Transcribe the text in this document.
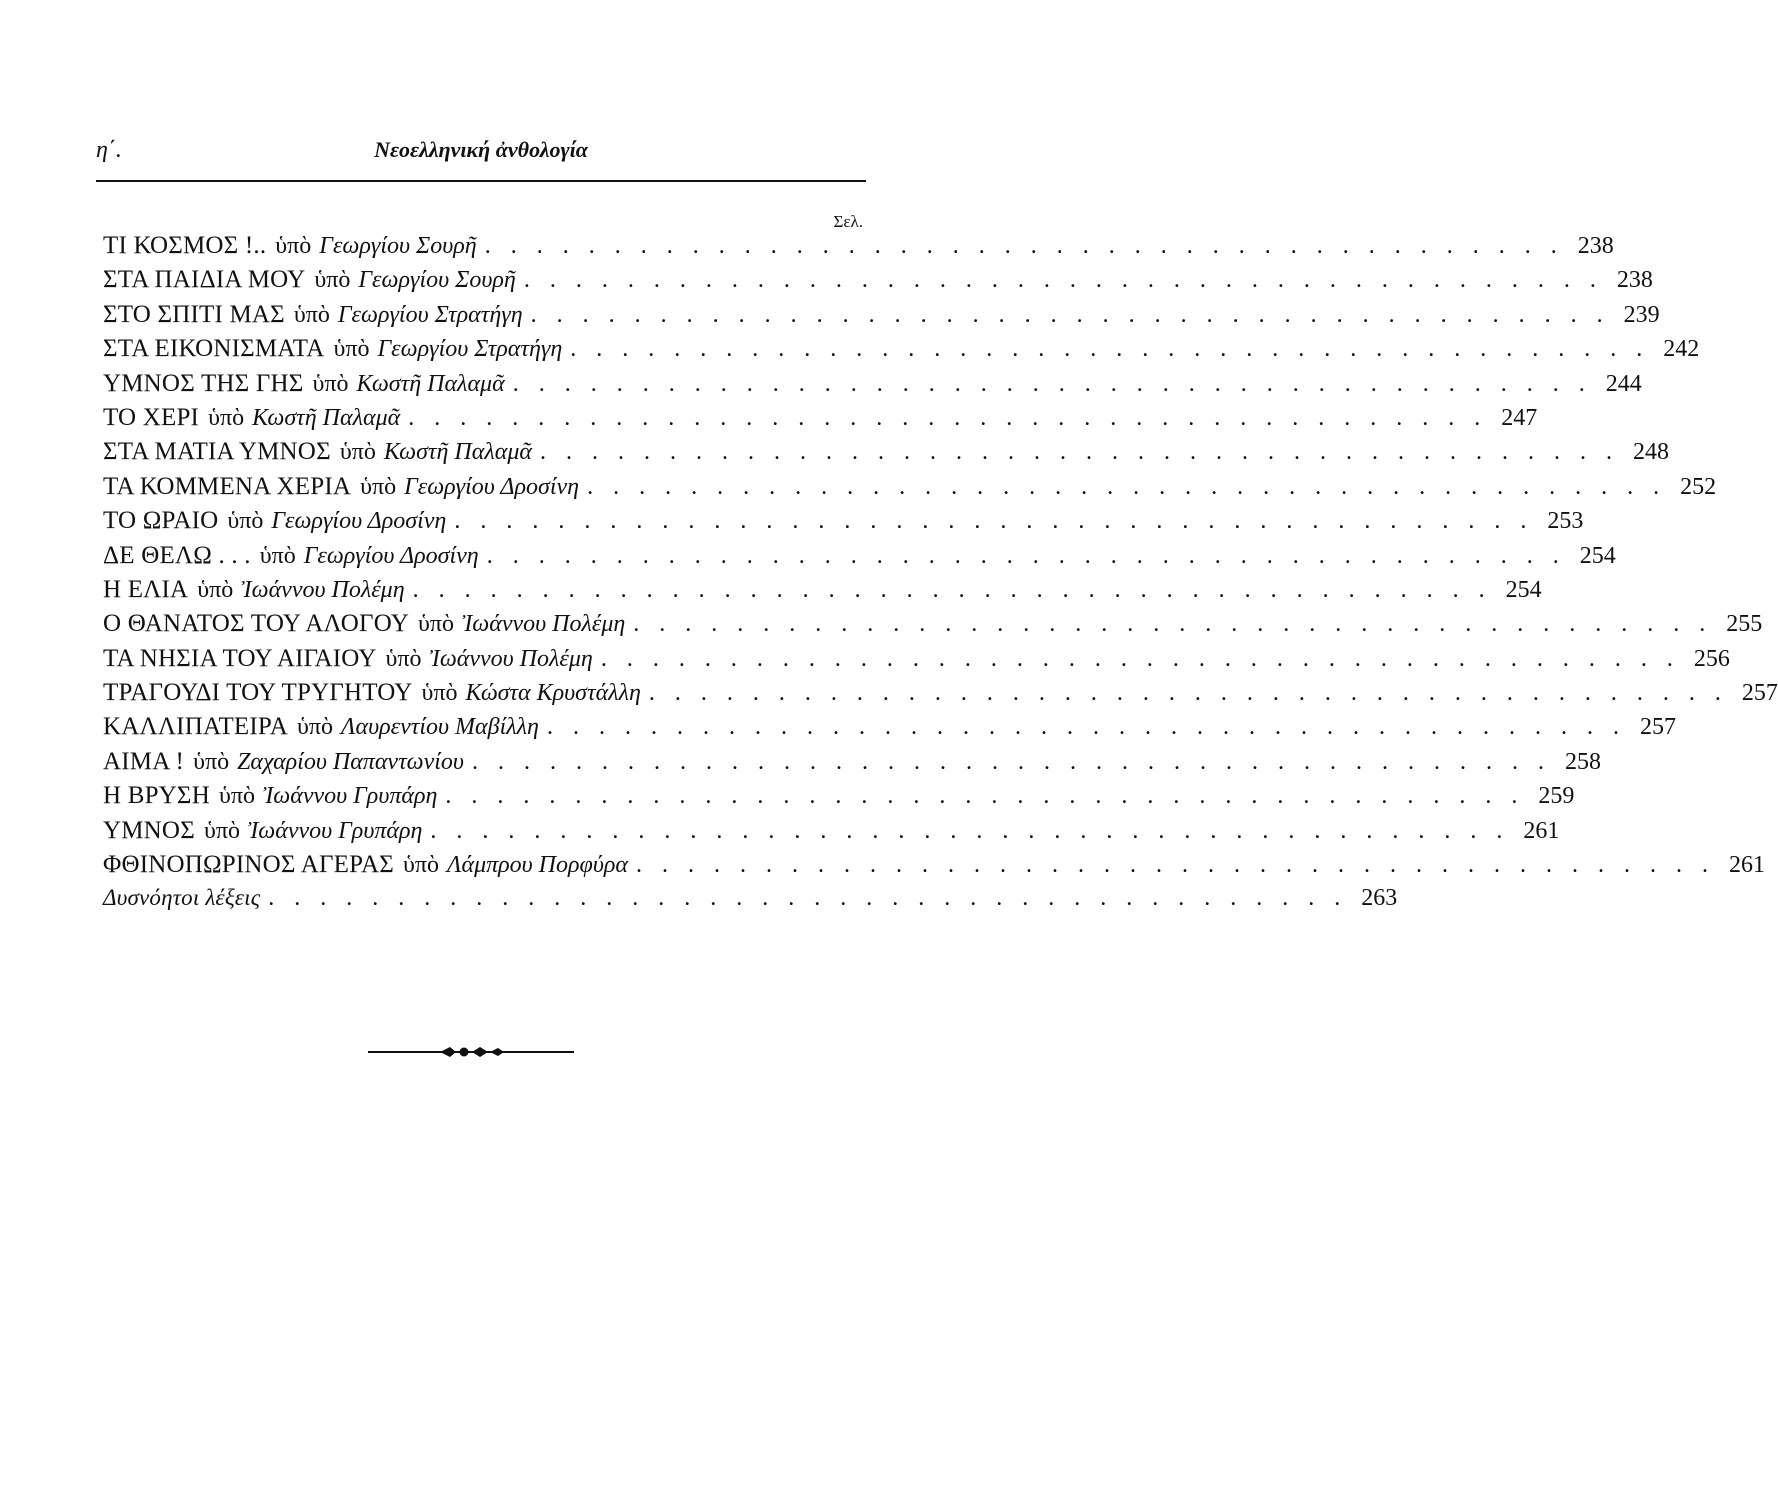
η΄.	Νεοελληνική ἀνθολογία
Σελ.
ΤΙ ΚΟΣΜΟΣ !.. ὑπὸ Γεωργίου Σουρῆ . . . . . . . . . . . . . . . . . . . . . . . . . . . . . . . . . . . . . . . . . . 238
ΣΤΑ ΠΑΙΔΙΑ ΜΟΥ ὑπὸ Γεωργίου Σουρῆ . . . . . . . . . . . . . . . . . . . . . . . . . . . . . . . . . . . . . . . . . . 238
ΣΤΟ ΣΠΙΤΙ ΜΑΣ ὑπὸ Γεωργίου Στρατήγη . . . . . . . . . . . . . . . . . . . . . . . . . . . . . . . . . . . . . . . . . . 239
ΣΤΑ ΕΙΚΟΝΙΣΜΑΤΑ ὑπὸ Γεωργίου Στρατήγη . . . . . . . . . . . . . . . . . . . . . . . . . . . . . . . . . . . . . . . . . . 242
ΥΜΝΟΣ ΤΗΣ ΓΗΣ ὑπὸ Κωστῆ Παλαμᾶ . . . . . . . . . . . . . . . . . . . . . . . . . . . . . . . . . . . . . . . . . . 244
ΤΟ ΧΕΡΙ ὑπὸ Κωστῆ Παλαμᾶ . . . . . . . . . . . . . . . . . . . . . . . . . . . . . . . . . . . . . . . . . . 247
ΣΤΑ ΜΑΤΙΑ ΥΜΝΟΣ ὑπὸ Κωστῆ Παλαμᾶ . . . . . . . . . . . . . . . . . . . . . . . . . . . . . . . . . . . . . . . . . . 248
ΤΑ ΚΟΜΜΕΝΑ ΧΕΡΙΑ ὑπὸ Γεωργίου Δροσίνη . . . . . . . . . . . . . . . . . . . . . . . . . . . . . . . . . . . . . . . . . . 252
ΤΟ ΩΡΑΙΟ ὑπὸ Γεωργίου Δροσίνη . . . . . . . . . . . . . . . . . . . . . . . . . . . . . . . . . . . . . . . . . . 253
ΔΕ ΘΕΛΩ . . . ὑπὸ Γεωργίου Δροσίνη . . . . . . . . . . . . . . . . . . . . . . . . . . . . . . . . . . . . . . . . . . 254
Η ΕΛΙΑ ὑπὸ Ἰωάννου Πολέμη . . . . . . . . . . . . . . . . . . . . . . . . . . . . . . . . . . . . . . . . . . 254
Ο ΘΑΝΑΤΟΣ ΤΟΥ ΑΛΟΓΟΥ ὑπὸ Ἰωάννου Πολέμη . . . . . . . . . . . . . . . . . . . . . . . . . . . . . . . . . . . . . . . . . . 255
ΤΑ ΝΗΣΙΑ ΤΟΥ ΑΙΓΑΙΟΥ ὑπὸ Ἰωάννου Πολέμη . . . . . . . . . . . . . . . . . . . . . . . . . . . . . . . . . . . . . . . . . . 256
ΤΡΑΓΟΥΔΙ ΤΟΥ ΤΡΥΓΗΤΟΥ ὑπὸ Κώστα Κρυστάλλη . . . . . . . . . . . . . . . . . . . . . . . . . . . . . . . . . . . . . . . . . . 257
ΚΑΛΛΙΠΑΤΕΙΡΑ ὑπὸ Λαυρεντίου Μαβίλλη . . . . . . . . . . . . . . . . . . . . . . . . . . . . . . . . . . . . . . . . . . 257
ΑΙΜΑ ! ὑπὸ Ζαχαρίου Παπαντωνίου . . . . . . . . . . . . . . . . . . . . . . . . . . . . . . . . . . . . . . . . . . 258
Η ΒΡΥΣΗ ὑπὸ Ἰωάννου Γρυπάρη . . . . . . . . . . . . . . . . . . . . . . . . . . . . . . . . . . . . . . . . . . 259
ΥΜΝΟΣ ὑπὸ Ἰωάννου Γρυπάρη . . . . . . . . . . . . . . . . . . . . . . . . . . . . . . . . . . . . . . . . . . 261
ΦΘΙΝΟΠΩΡΙΝΟΣ ΑΓΕΡΑΣ ὑπὸ Λάμπρου Πορφύρα . . . . . . . . . . . . . . . . . . . . . . . . . . . . . . . . . . . . . . . . . . 261
Δυσνόητοι λέξεις . . . . . . . . . . . . . . . . . . . . . . . . . . . . . . . . . . . . . . . . . . 263
